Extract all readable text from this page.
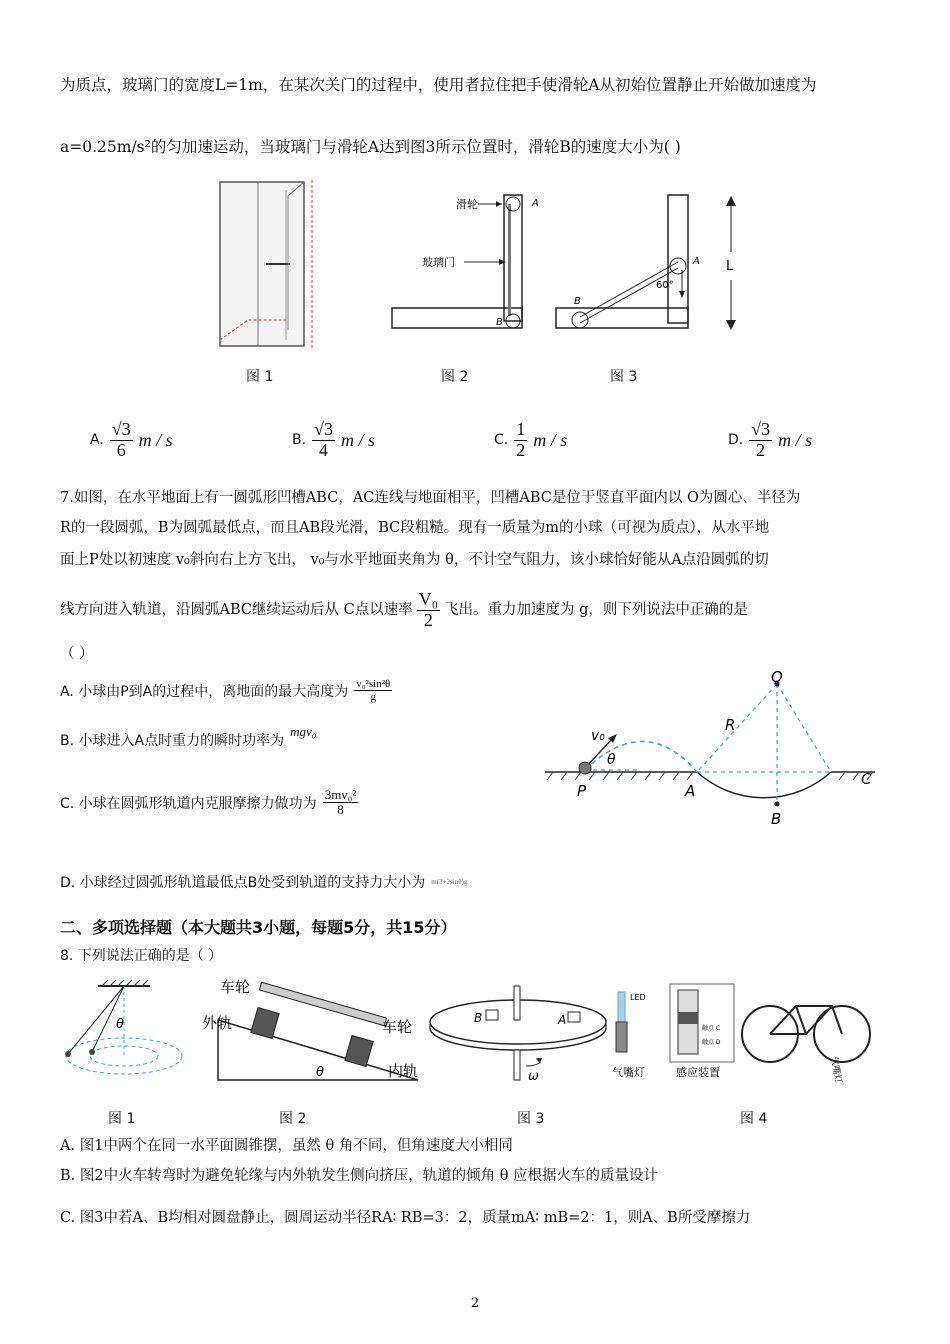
为质点，玻璃门的宽度L=1m，在某次关门的过程中，使用者拉住把手使滑轮A从初始位置静止开始做加速度为
a=0.25m/s²的匀加速运动，当玻璃门与滑轮A达到图3所示位置时，滑轮B的速度大小为( )
滑轮
玻璃门
A
B
60°
A
B
L
图 1	图 2	图 3
A. $\frac{√3}{6}$ m / s	B. $\frac{√3}{4}$ m / s	C. $\frac{1}{2}$ m / s	D. $\frac{√3}{2}$ m / s
7.如图，在水平地面上有一圆弧形凹槽ABC，AC连线与地面相平，凹槽ABC是位于竖直平面内以 O为圆心、半径为
R的一段圆弧，B为圆弧最低点，而且AB段光滑，BC段粗糙。现有一质量为m的小球（可视为质点），从水平地
面上P处以初速度 v₀斜向右上方飞出， v₀与水平地面夹角为 θ，不计空气阻力，该小球恰好能从A点沿圆弧的切
线方向进入轨道，沿圆弧ABC继续运动后从 C点以速率 $\frac{\text{V₀}}{2}$ 飞出。重力加速度为 g，则下列说法中正确的是
（ ）
A. 小球由P到A的过程中，离地面的最大高度为 $\frac{\text{v₀²sin²θ}}{g}$
B. 小球进入A点时重力的瞬时功率为
mgv₀
C. 小球在圆弧形轨道内克服摩擦力做功为 $\frac{\text{3mv₀²}}{8}$
D. 小球经过圆弧形轨道最低点B处受到轨道的支持力大小为 m(3+2sinθ)g
O
R
v₀
θ
P	A
B
C
二、多项选择题（本大题共3小题，每题5分，共15分）
8. 下列说法正确的是（ ）
θ
车轮
外轨	车轮
内轨
θ
B	A
ω
LED
气嘴灯
触点 C
触点 D
感应装置	气嘴灯
图 1	图 2	图 3	图 4
A. 图1中两个在同一水平面圆锥摆，虽然 θ 角不同，但角速度大小相同
B. 图2中火车转弯时为避免轮缘与内外轨发生侧向挤压，轨道的倾角 θ 应根据火车的质量设计
C. 图3中若A、B均相对圆盘静止，圆周运动半径RA∶ RB=3：2，质量mA∶ mB=2：1，则A、B所受摩擦力
2
